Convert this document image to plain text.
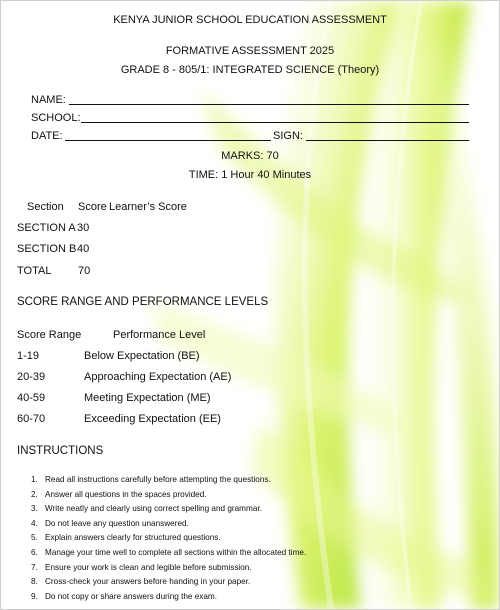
KENYA JUNIOR SCHOOL EDUCATION ASSESSMENT
FORMATIVE ASSESSMENT 2025
GRADE 8 - 805/1: INTEGRATED SCIENCE (Theory)
NAME:
SCHOOL:
DATE:	SIGN:
MARKS: 70
TIME: 1 Hour 40 Minutes
Section Score Learner’s Score
SECTION A 30
SECTION B 40
TOTAL 70
SCORE RANGE AND PERFORMANCE LEVELS
Score Range	Performance Level
1-19	Below Expectation (BE)
20-39	Approaching Expectation (AE)
40-59	Meeting Expectation (ME)
60-70	Exceeding Expectation (EE)
INSTRUCTIONS
1. Read all instructions carefully before attempting the questions.
2. Answer all questions in the spaces provided.
3. Write neatly and clearly using correct spelling and grammar.
4. Do not leave any question unanswered.
5. Explain answers clearly for structured questions.
6. Manage your time well to complete all sections within the allocated time.
7. Ensure your work is clean and legible before submission.
8. Cross-check your answers before handing in your paper.
9. Do not copy or share answers during the exam.
